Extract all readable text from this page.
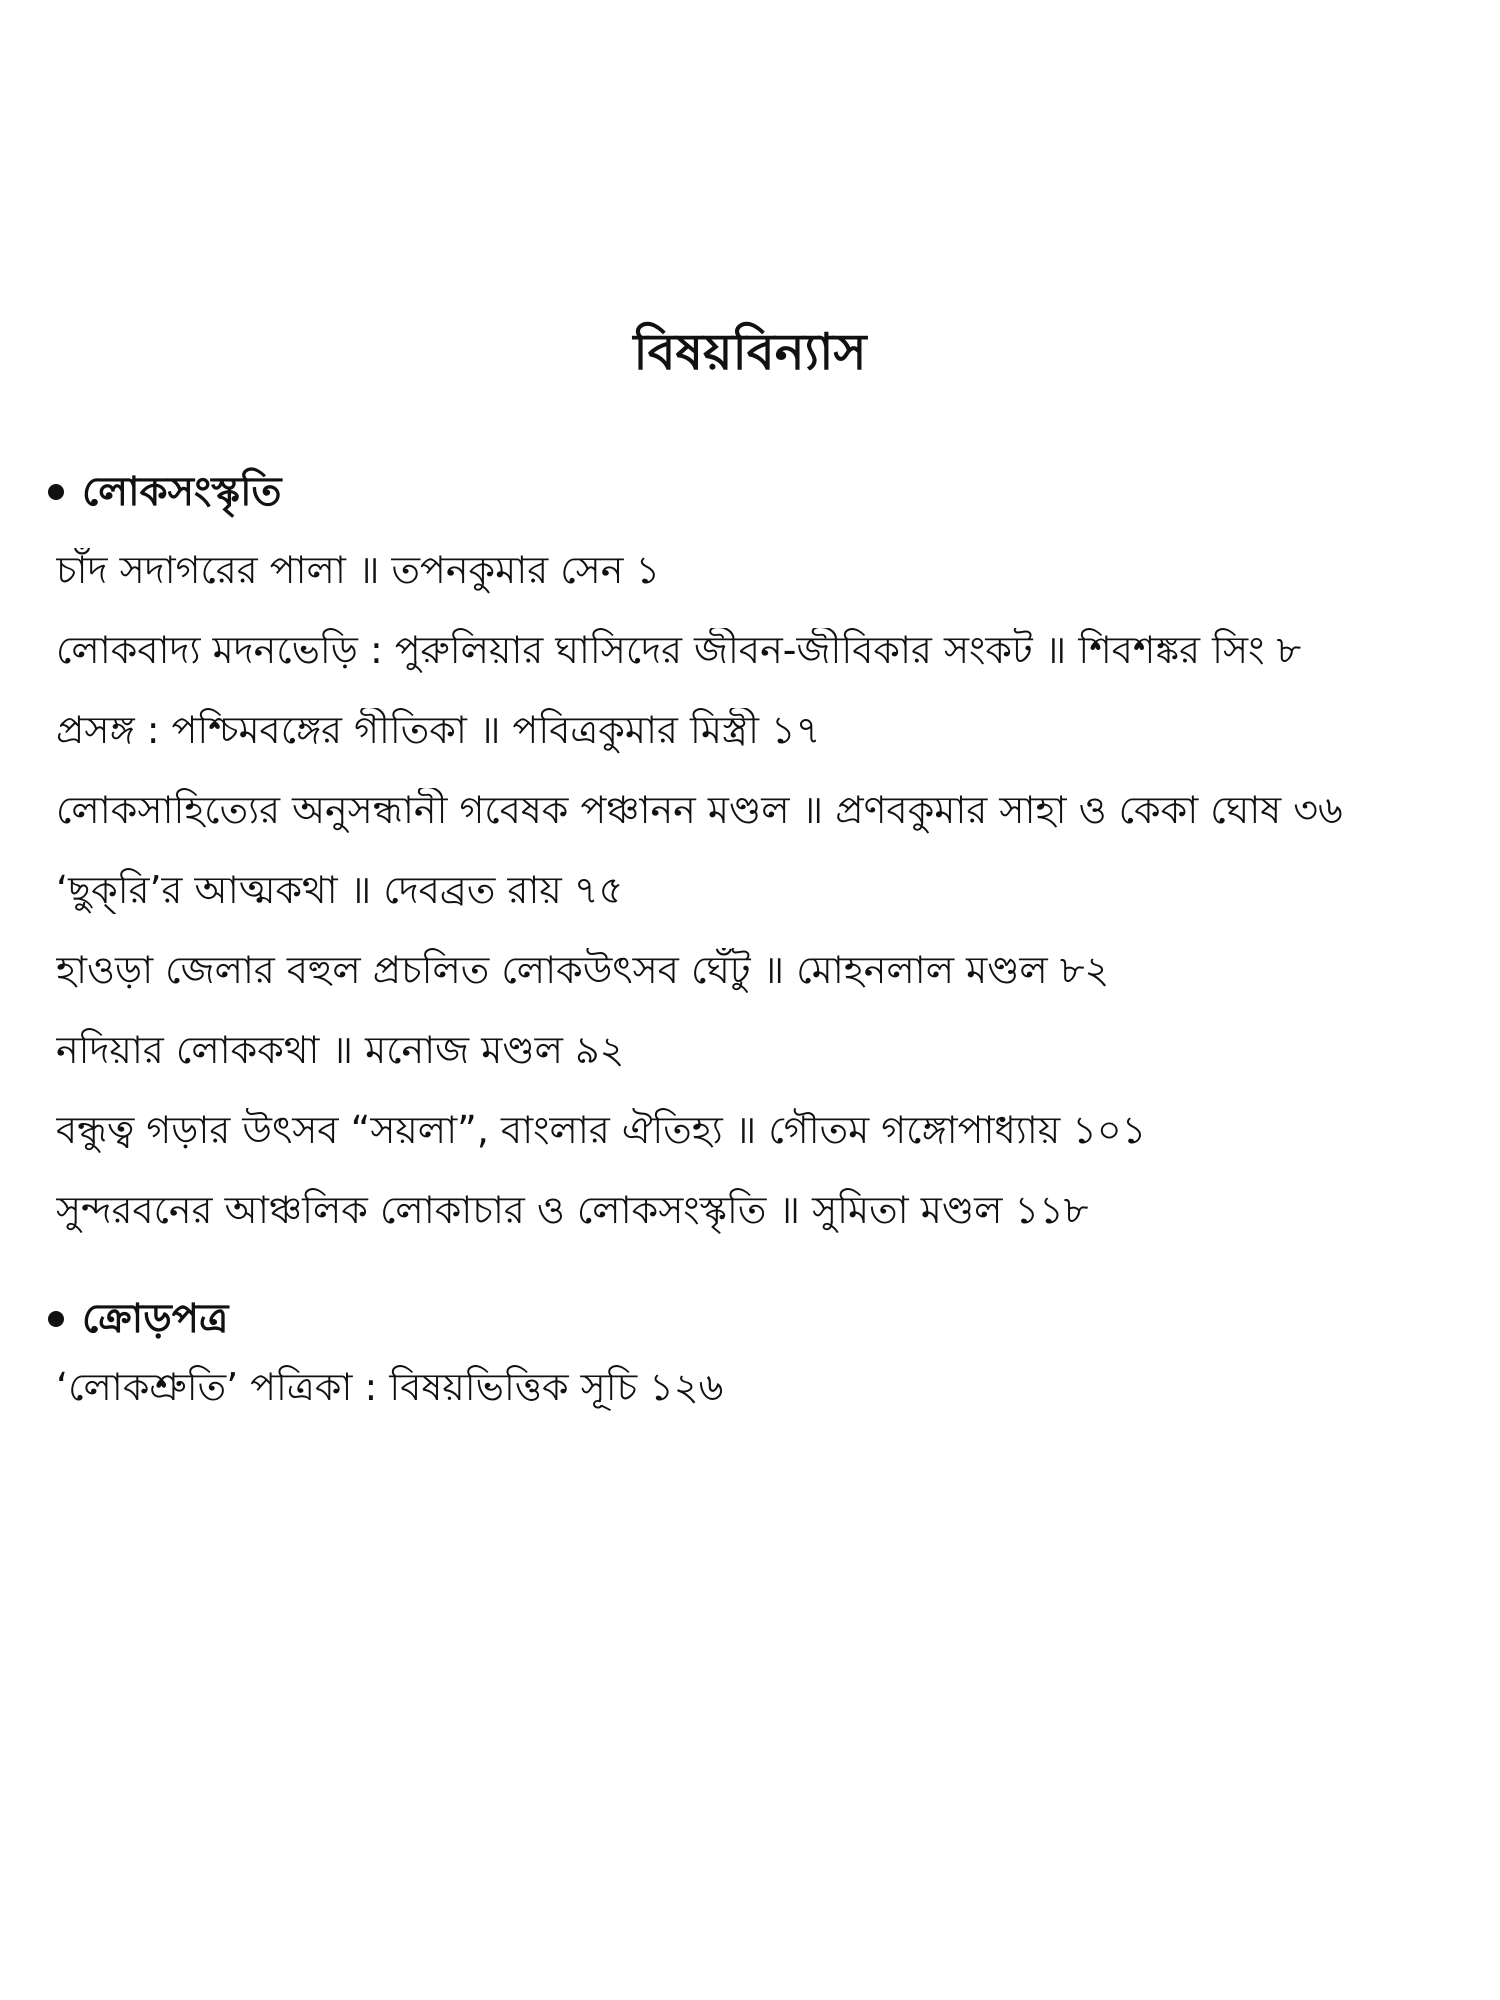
বিষয়বিন্যাস
লোকসংস্কৃতি
চাঁদ সদাগরের পালা ॥ তপনকুমার সেন ১
লোকবাদ্য মদনভেড়ি : পুরুলিয়ার ঘাসিদের জীবন-জীবিকার সংকট ॥ শিবশঙ্কর সিং ৮
প্রসঙ্গ : পশ্চিমবঙ্গের গীতিকা ॥ পবিত্রকুমার মিস্ত্রী ১৭
লোকসাহিত্যের অনুসন্ধানী গবেষক পঞ্চানন মণ্ডল ॥ প্রণবকুমার সাহা ও কেকা ঘোষ ৩৬
‘ছুক্‌রি’র আত্মকথা ॥ দেবব্রত রায় ৭৫
হাওড়া জেলার বহুল প্রচলিত লোকউৎসব ঘেঁটু ॥ মোহনলাল মণ্ডল ৮২
নদিয়ার লোককথা ॥ মনোজ মণ্ডল ৯২
বন্ধুত্ব গড়ার উৎসব “সয়লা”, বাংলার ঐতিহ্য ॥ গৌতম গঙ্গোপাধ্যায় ১০১
সুন্দরবনের আঞ্চলিক লোকাচার ও লোকসংস্কৃতি ॥ সুমিতা মণ্ডল ১১৮
ক্রোড়পত্র
‘লোকশ্রুতি’ পত্রিকা : বিষয়ভিত্তিক সূচি ১২৬
